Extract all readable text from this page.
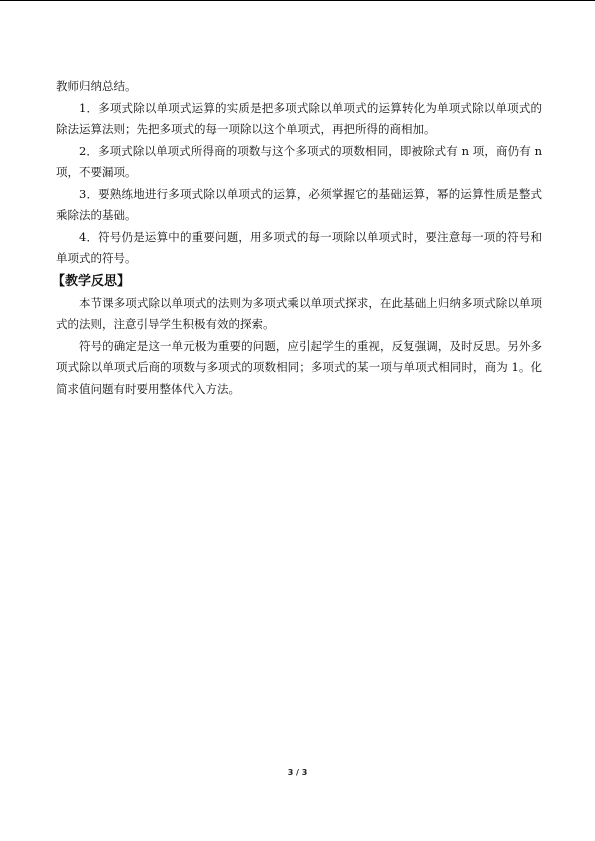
教师归纳总结。

1．多项式除以单项式运算的实质是把多项式除以单项式的运算转化为单项式除以单项式的除法运算法则；先把多项式的每一项除以这个单项式，再把所得的商相加。

2．多项式除以单项式所得商的项数与这个多项式的项数相同，即被除式有 n 项，商仍有 n 项，不要漏项。

3．要熟练地进行多项式除以单项式的运算，必须掌握它的基础运算，幂的运算性质是整式乘除法的基础。

4．符号仍是运算中的重要问题，用多项式的每一项除以单项式时，要注意每一项的符号和单项式的符号。

【教学反思】

本节课多项式除以单项式的法则为多项式乘以单项式探求，在此基础上归纳多项式除以单项式的法则，注意引导学生积极有效的探索。

符号的确定是这一单元极为重要的问题，应引起学生的重视，反复强调，及时反思。另外多项式除以单项式后商的项数与多项式的项数相同；多项式的某一项与单项式相同时，商为 1。化简求值问题有时要用整体代入方法。

3 / 3
